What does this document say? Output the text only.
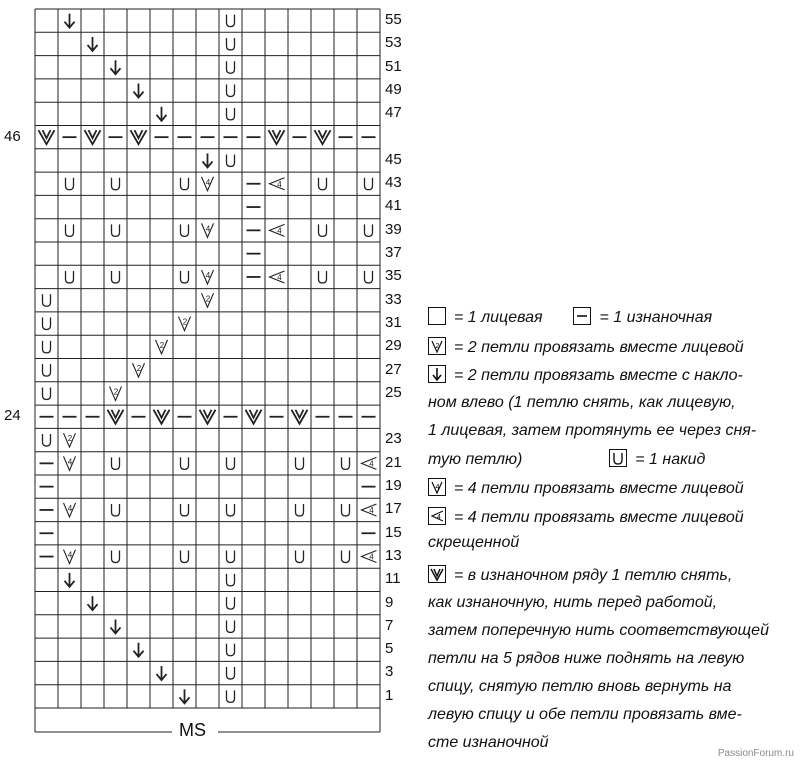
4	4
4	4
4	4
2
2
2
2
2
2
4	4
4	4
4	4
= 1 лицевая	= 1 изнаночная
2 = 2 петли провязать вместе лицевой
= 2 петли провязать вместе с накло-
ном влево (1 петлю снять, как лицевую,
1 лицевая, затем протянуть ее через сня-
тую петлю)	= 1 накид
4 = 4 петли провязать вместе лицевой
4 = 4 петли провязать вместе лицевой
скрещенной
= в изнаночном ряду 1 петлю снять,
как изнаночную, нить перед работой,
затем поперечную нить соответствующей
петли на 5 рядов ниже поднять на левую
спицу, снятую петлю вновь вернуть на
левую спицу и обе петли провязать вме-
сте изнаночной
MS
PassionForum.ru
55
53
51
49
47
45
43
41
39
37
35
33
31
29
27
25
23
21
19
17
15
13
11
9
7
5
3
1
46
24
